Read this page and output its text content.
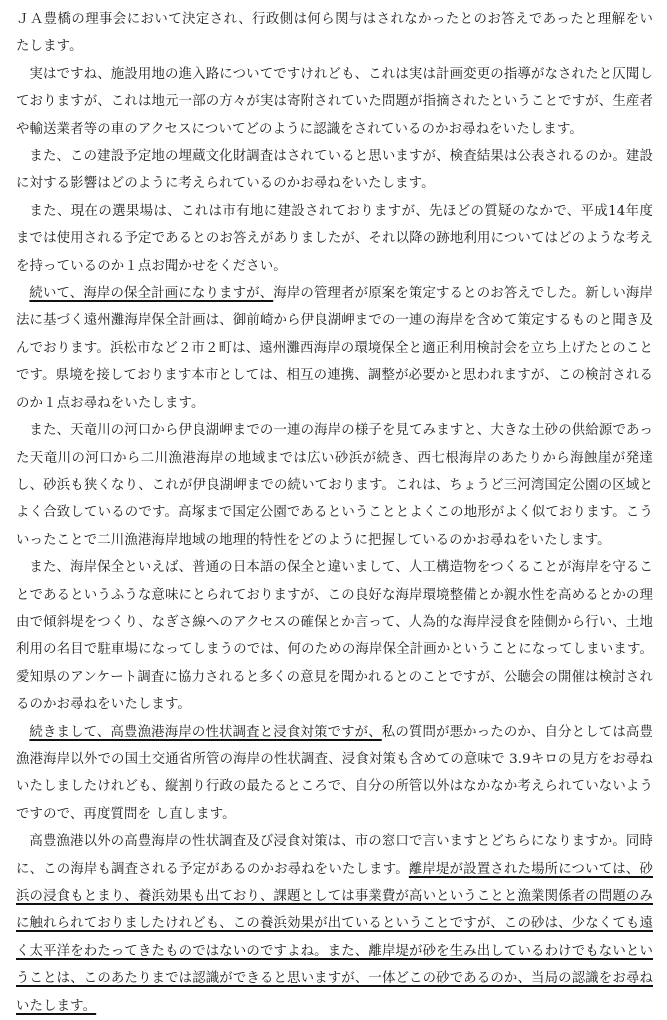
ＪＡ豊橋の理事会において決定され、行政側は何ら関与はされなかったとのお答えであったと理解をいたします。

実はですね、施設用地の進入路についてですけれども、これは実は計画変更の指導がなされたと仄聞しておりますが、これは地元一部の方々が実は寄附されていた問題が指摘されたということですが、生産者や輸送業者等の車のアクセスについてどのように認識をされているのかお尋ねをいたします。

また、この建設予定地の埋蔵文化財調査はされていると思いますが、検査結果は公表されるのか。建設に対する影響はどのように考えられているのかお尋ねをいたします。

また、現在の選果場は、これは市有地に建設されておりますが、先ほどの質疑のなかで、平成14年度までは使用される予定であるとのお答えがありましたが、それ以降の跡地利用についてはどのような考えを持っているのか１点お聞かせをください。

続いて、海岸の保全計画になりますが、海岸の管理者が原案を策定するとのお答えでした。新しい海岸法に基づく遠州灘海岸保全計画は、御前崎から伊良湖岬までの一連の海岸を含めて策定するものと聞き及んでおります。浜松市など２市２町は、遠州灘西海岸の環境保全と適正利用検討会を立ち上げたとのことです。県境を接しております本市としては、相互の連携、調整が必要かと思われますが、この検討されるのか１点お尋ねをいたします。

また、天竜川の河口から伊良湖岬までの一連の海岸の様子を見てみますと、大きな土砂の供給源であった天竜川の河口から二川漁港海岸の地域までは広い砂浜が続き、西七根海岸のあたりから海蝕崖が発達し、砂浜も狭くなり、これが伊良湖岬までの続いております。これは、ちょうど三河湾国定公園の区域とよく合致しているのです。高塚まで国定公園であるということとよくこの地形がよく似ております。こういったことで二川漁港海岸地域の地理的特性をどのように把握しているのかお尋ねをいたします。

また、海岸保全といえば、普通の日本語の保全と違いまして、人工構造物をつくることが海岸を守ることであるというふうな意味にとられておりますが、この良好な海岸環境整備とか親水性を高めるとかの理由で傾斜堤をつくり、なぎさ線へのアクセスの確保とか言って、人為的な海岸浸食を陸側から行い、土地利用の名目で駐車場になってしまうのでは、何のための海岸保全計画かということになってしまいます。愛知県のアンケート調査に協力されると多くの意見を聞かれるとのことですが、公聴会の開催は検討されるのかお尋ねをいたします。

続きまして、高豊漁港海岸の性状調査と浸食対策ですが、私の質問が悪かったのか、自分としては高豊漁港海岸以外での国土交通省所管の海岸の性状調査、浸食対策も含めての意味で 3.9キロの見方をお尋ねいたしましたけれども、縦割り行政の最たるところで、自分の所管以外はなかなか考えられていないようですので、再度質問を し直します。

高豊漁港以外の高豊海岸の性状調査及び浸食対策は、市の窓口で言いますとどちらになりますか。同時に、この海岸も調査される予定があるのかお尋ねをいたします。離岸堤が設置された場所については、砂浜の浸食もとまり、養浜効果も出ており、課題としては事業費が高いということと漁業関係者の問題のみに触れられておりましたけれども、この養浜効果が出ているということですが、この砂は、少なくても遠く太平洋をわたってきたものではないのですよね。また、離岸堤が砂を生み出しているわけでもないということは、このあたりまでは認識ができると思いますが、一体どこの砂であるのか、当局の認識をお尋ねいたします。
